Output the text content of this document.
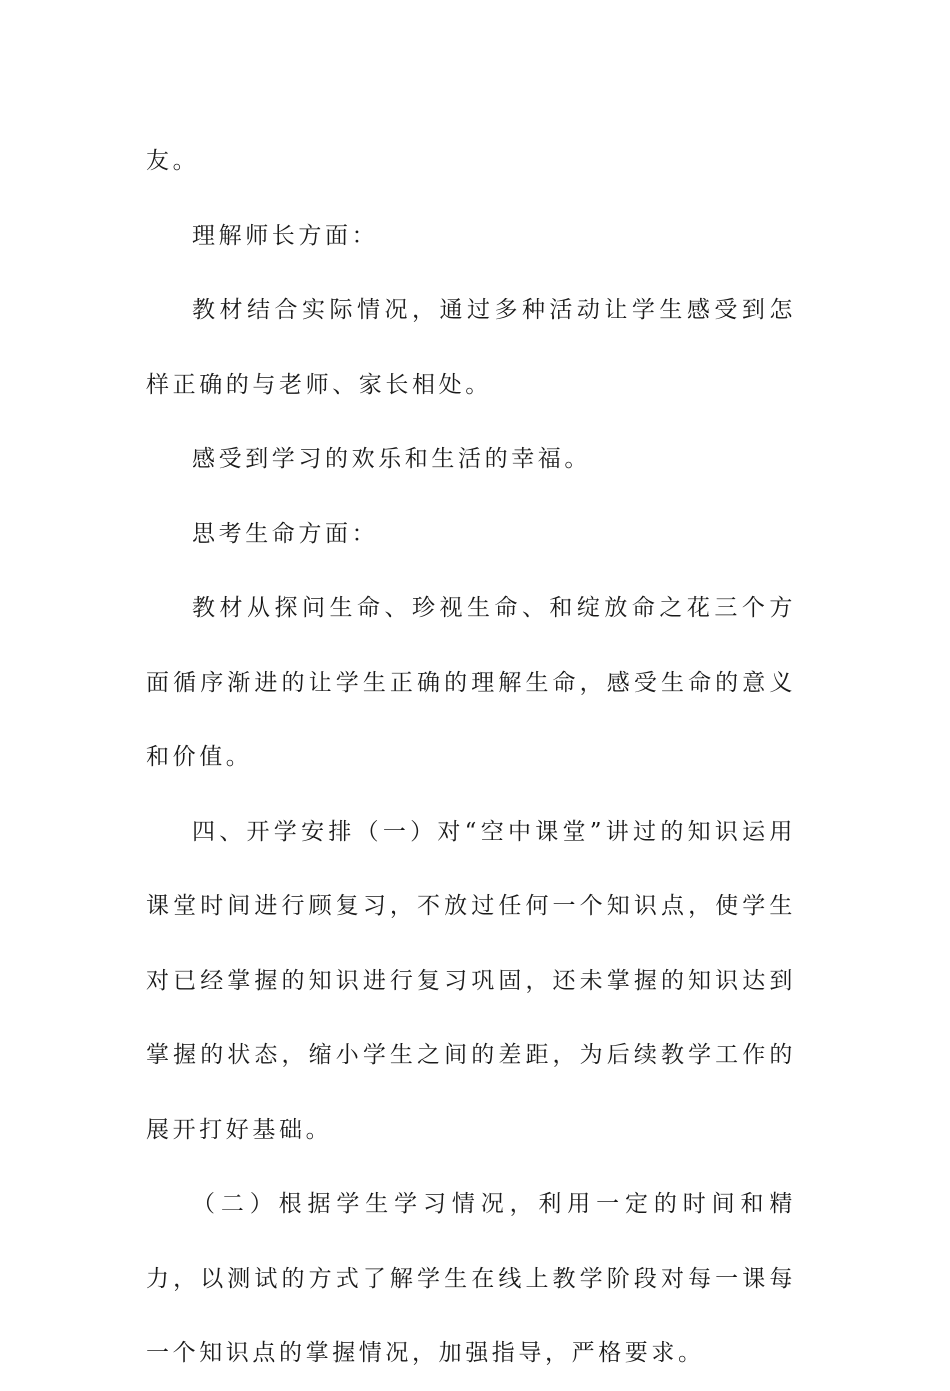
友。

理解师长方面：

教材结合实际情况，通过多种活动让学生感受到怎样正确的与老师、家长相处。

感受到学习的欢乐和生活的幸福。

思考生命方面：

教材从探问生命、珍视生命、和绽放命之花三个方面循序渐进的让学生正确的理解生命，感受生命的意义和价值。

四、开学安排（一）对“空中课堂”讲过的知识运用课堂时间进行顾复习，不放过任何一个知识点，使学生对已经掌握的知识进行复习巩固，还未掌握的知识达到掌握的状态，缩小学生之间的差距，为后续教学工作的展开打好基础。

（二）根据学生学习情况，利用一定的时间和精力，以测试的方式了解学生在线上教学阶段对每一课每一个知识点的掌握情况，加强指导，严格要求。
